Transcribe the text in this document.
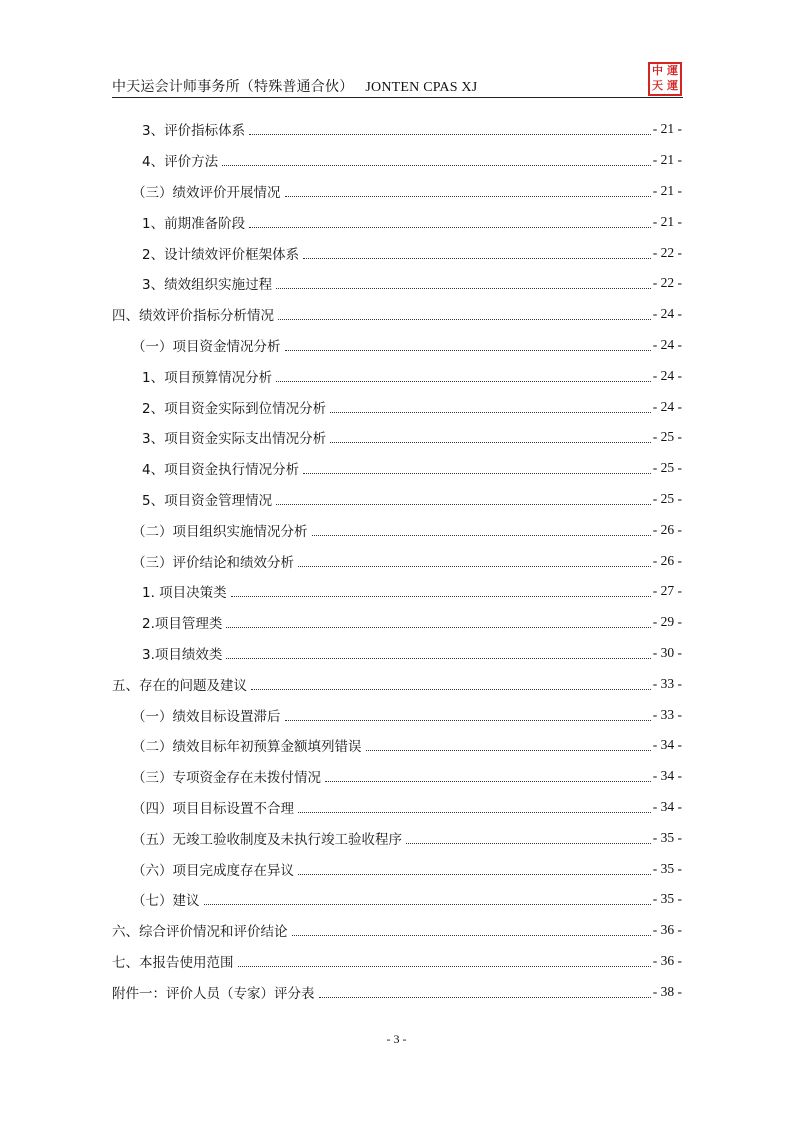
中天运会计师事务所（特殊普通合伙） JONTEN CPAS XJ
中 運
天 運
3、评价指标体系	- 21 -
4、评价方法	- 21 -
（三）绩效评价开展情况	- 21 -
1、前期准备阶段	- 21 -
2、设计绩效评价框架体系	- 22 -
3、绩效组织实施过程	- 22 -
四、绩效评价指标分析情况	- 24 -
（一）项目资金情况分析	- 24 -
1、项目预算情况分析	- 24 -
2、项目资金实际到位情况分析	- 24 -
3、项目资金实际支出情况分析	- 25 -
4、项目资金执行情况分析	- 25 -
5、项目资金管理情况	- 25 -
（二）项目组织实施情况分析	- 26 -
（三）评价结论和绩效分析	- 26 -
1. 项目决策类	- 27 -
2.项目管理类	- 29 -
3.项目绩效类	- 30 -
五、存在的问题及建议	- 33 -
（一）绩效目标设置滞后	- 33 -
（二）绩效目标年初预算金额填列错误	- 34 -
（三）专项资金存在未拨付情况	- 34 -
（四）项目目标设置不合理	- 34 -
（五）无竣工验收制度及未执行竣工验收程序	- 35 -
（六）项目完成度存在异议	- 35 -
（七）建议	- 35 -
六、综合评价情况和评价结论	- 36 -
七、本报告使用范围	- 36 -
附件一：评价人员（专家）评分表	- 38 -
- 3 -
